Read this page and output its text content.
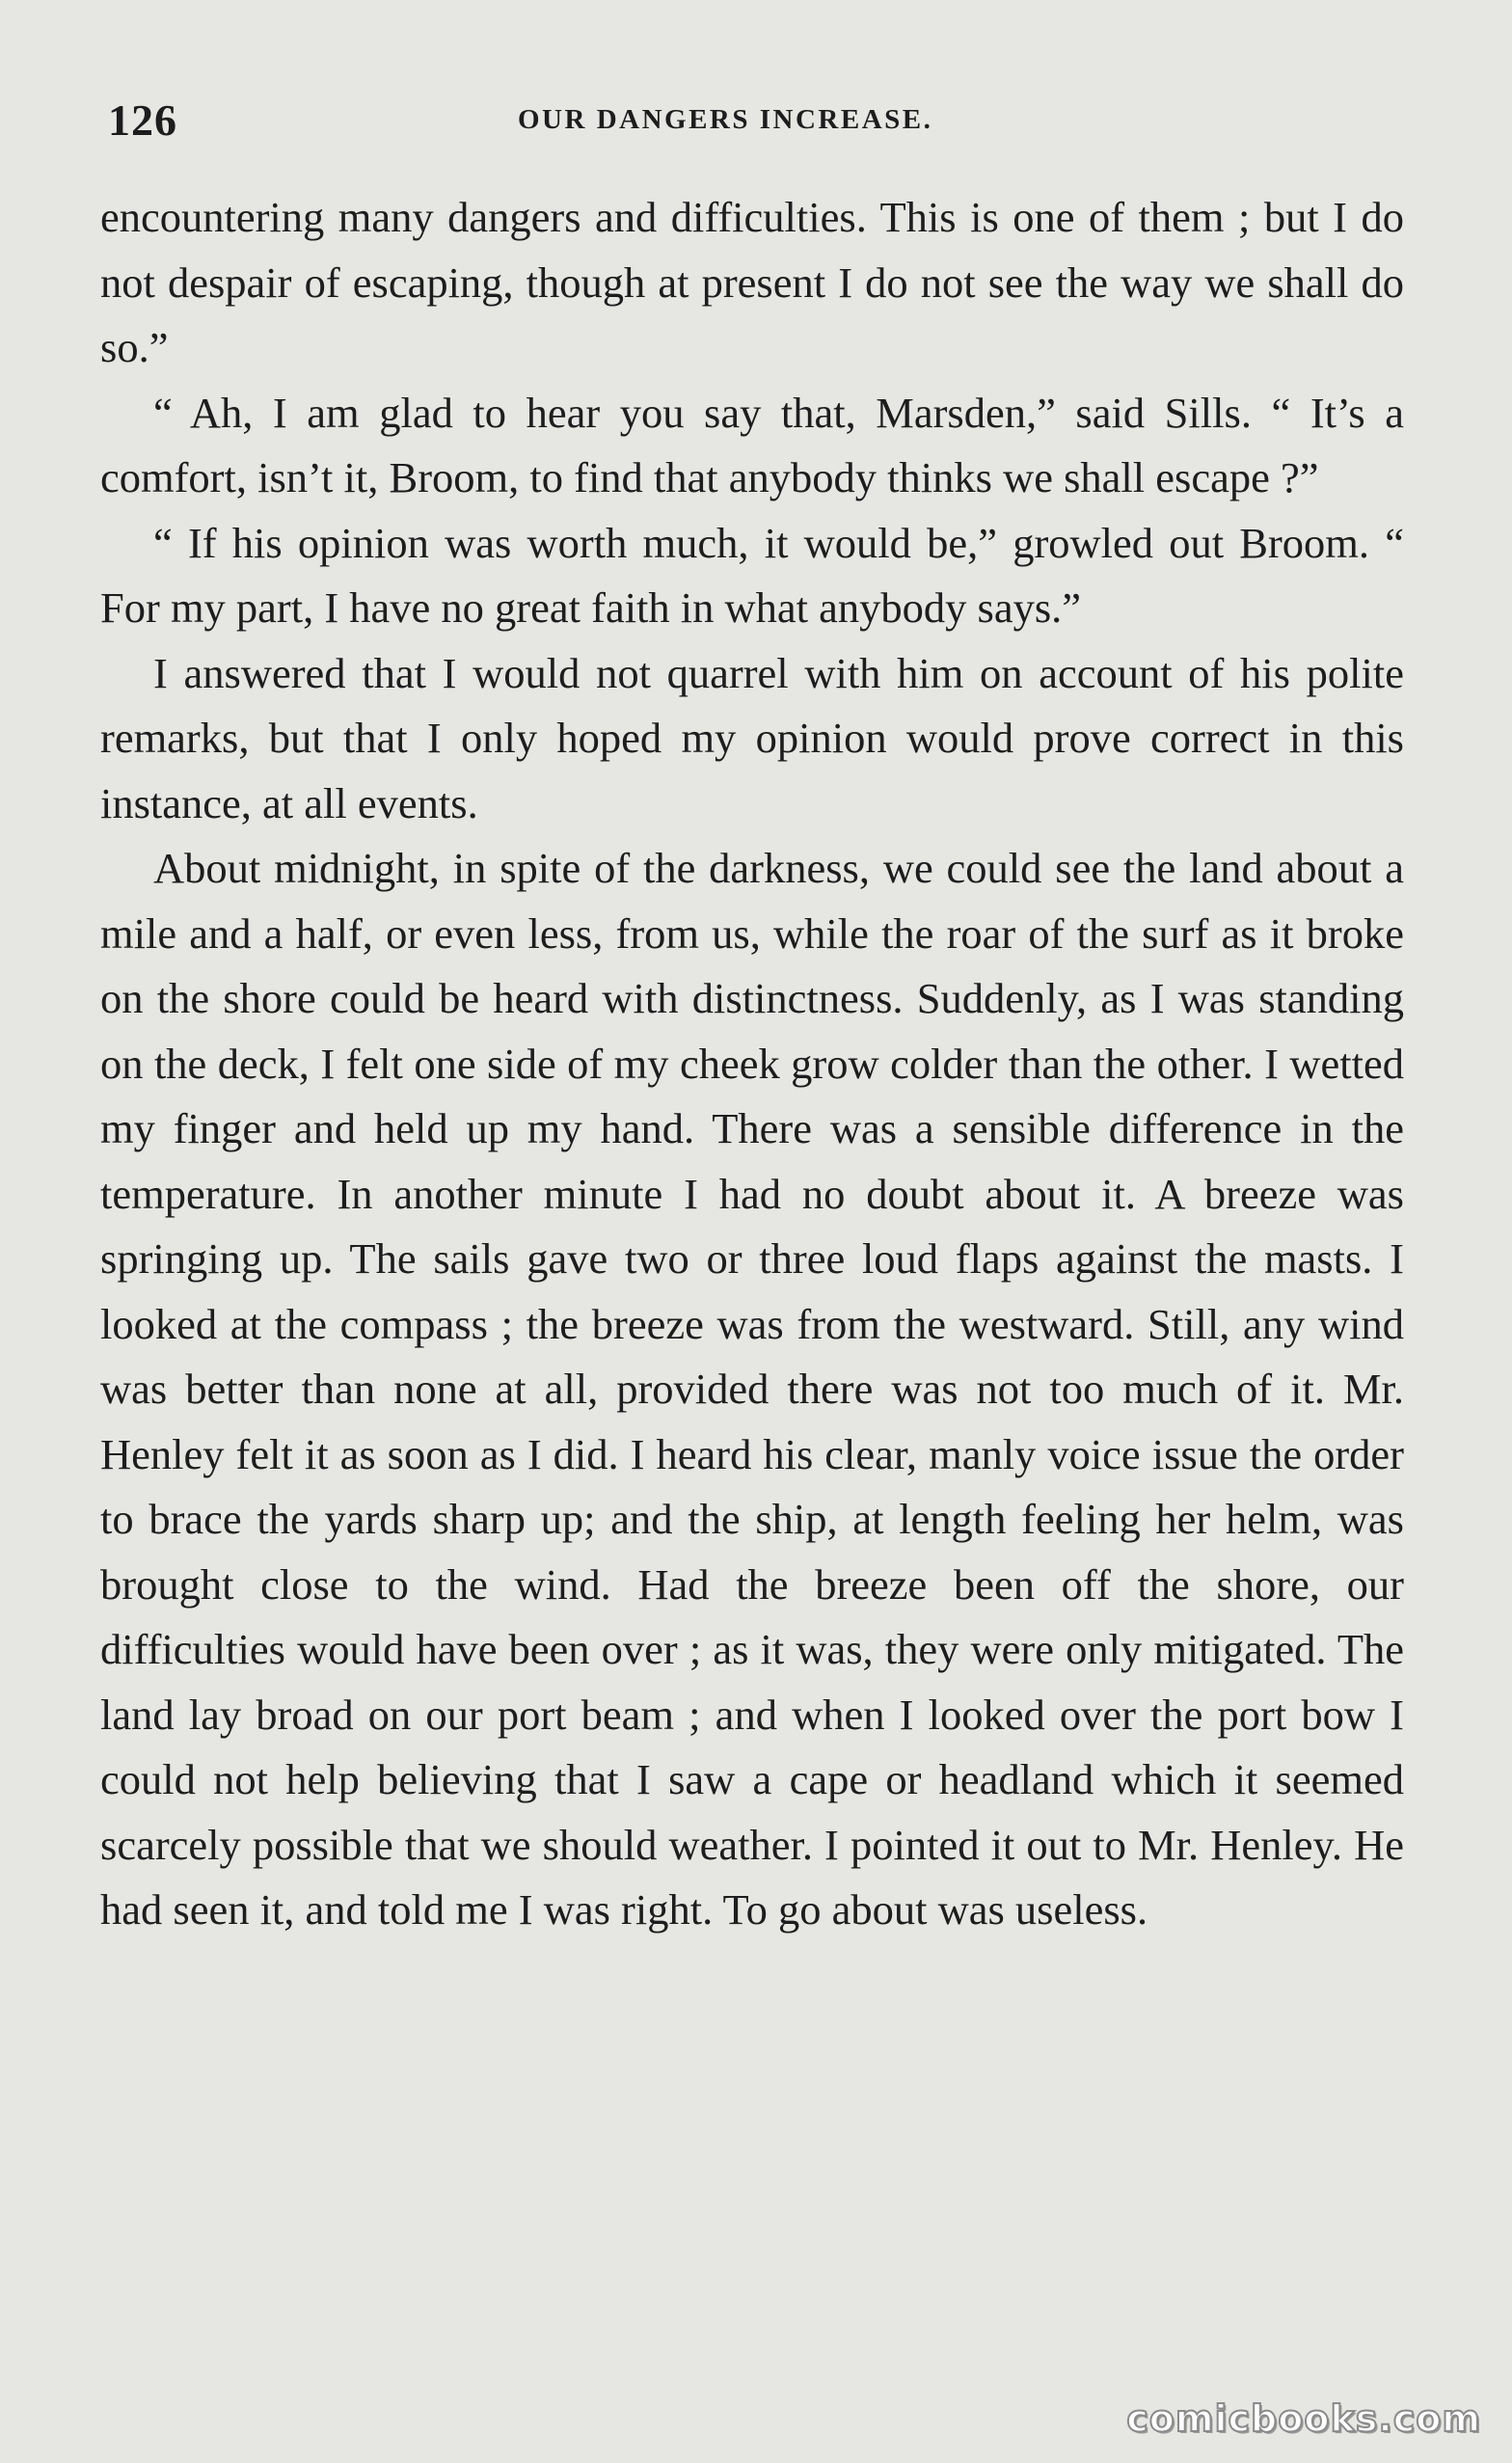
126	OUR DANGERS INCREASE.

encountering many dangers and difficulties. This is one of them ; but I do not despair of escaping, though at present I do not see the way we shall do so.”

“ Ah, I am glad to hear you say that, Marsden,” said Sills. “ It’s a comfort, isn’t it, Broom, to find that anybody thinks we shall escape ?”

“ If his opinion was worth much, it would be,” growled out Broom. “ For my part, I have no great faith in what anybody says.”

I answered that I would not quarrel with him on account of his polite remarks, but that I only hoped my opinion would prove correct in this instance, at all events.

About midnight, in spite of the darkness, we could see the land about a mile and a half, or even less, from us, while the roar of the surf as it broke on the shore could be heard with distinctness. Suddenly, as I was standing on the deck, I felt one side of my cheek grow colder than the other. I wetted my finger and held up my hand. There was a sensible difference in the temperature. In another minute I had no doubt about it. A breeze was springing up. The sails gave two or three loud flaps against the masts. I looked at the compass ; the breeze was from the westward. Still, any wind was better than none at all, provided there was not too much of it. Mr. Henley felt it as soon as I did. I heard his clear, manly voice issue the order to brace the yards sharp up; and the ship, at length feeling her helm, was brought close to the wind. Had the breeze been off the shore, our difficulties would have been over ; as it was, they were only mitigated. The land lay broad on our port beam ; and when I looked over the port bow I could not help believing that I saw a cape or headland which it seemed scarcely possible that we should weather. I pointed it out to Mr. Henley. He had seen it, and told me I was right. To go about was useless.

comicbooks.com
